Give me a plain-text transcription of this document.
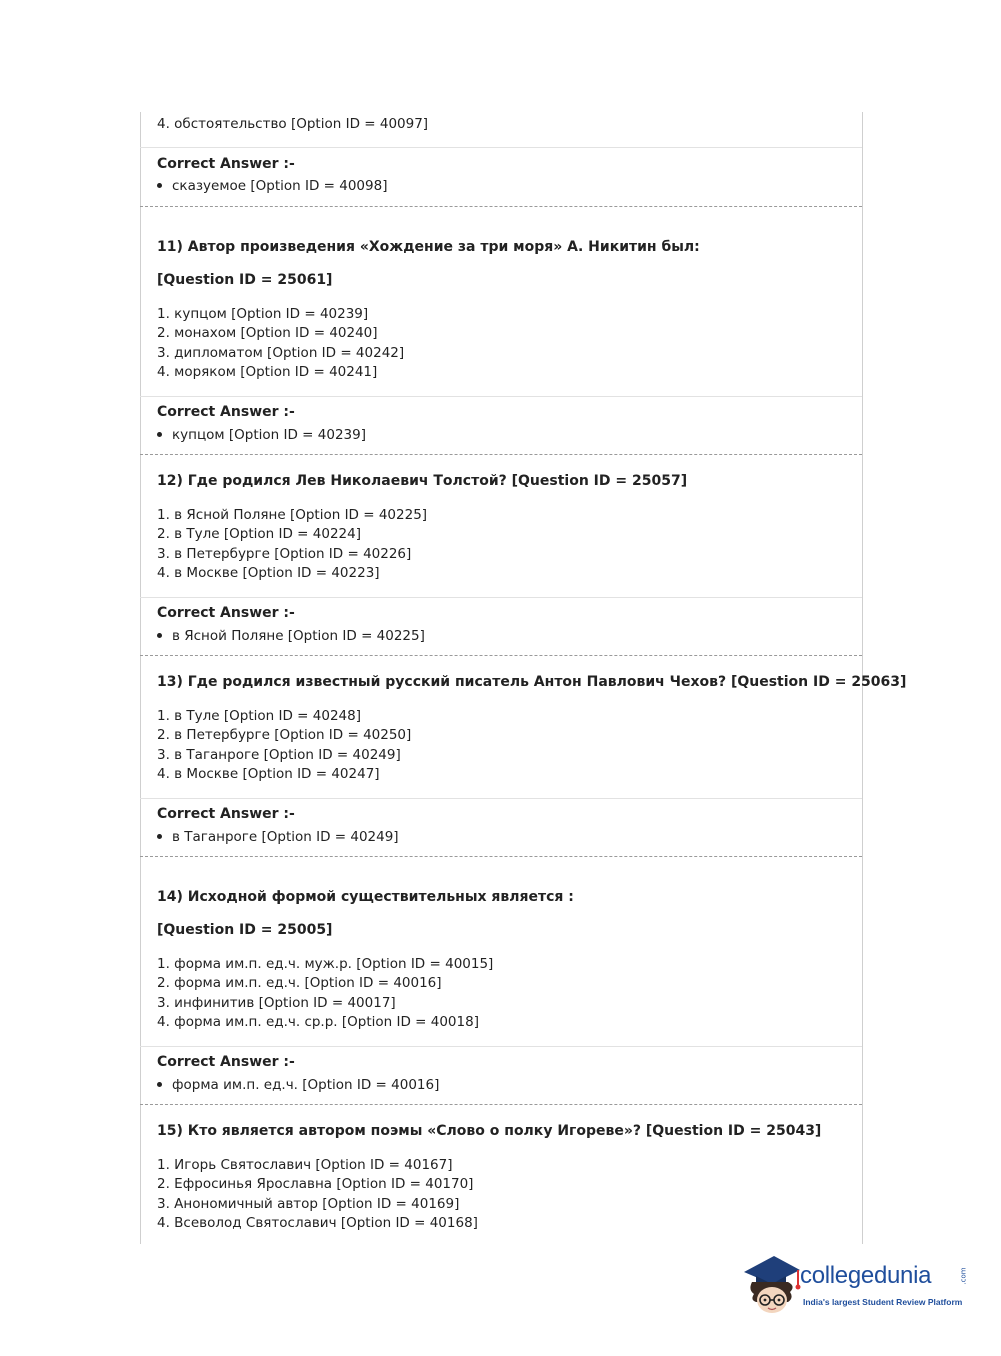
4. обстоятельство [Option ID = 40097]
Correct Answer :-
сказуемое [Option ID = 40098]
11) Автор произведения «Хождение за три моря» А. Никитин был:
[Question ID = 25061]
1. купцом [Option ID = 40239]
2. монахом [Option ID = 40240]
3. дипломатом [Option ID = 40242]
4. моряком [Option ID = 40241]
Correct Answer :-
купцом [Option ID = 40239]
12) Где родился Лев Николаевич Толстой? [Question ID = 25057]
1. в Ясной Поляне [Option ID = 40225]
2. в Туле [Option ID = 40224]
3. в Петербурге [Option ID = 40226]
4. в Москве [Option ID = 40223]
Correct Answer :-
в Ясной Поляне [Option ID = 40225]
13) Где родился известный русский писатель Антон Павлович Чехов? [Question ID = 25063]
1. в Туле [Option ID = 40248]
2. в Петербурге [Option ID = 40250]
3. в Таганроге [Option ID = 40249]
4. в Москве [Option ID = 40247]
Correct Answer :-
в Таганроге [Option ID = 40249]
14) Исходной формой существительных является :
[Question ID = 25005]
1. форма им.п. ед.ч. муж.р. [Option ID = 40015]
2. форма им.п. ед.ч. [Option ID = 40016]
3. инфинитив [Option ID = 40017]
4. форма им.п. ед.ч. ср.р. [Option ID = 40018]
Correct Answer :-
форма им.п. ед.ч. [Option ID = 40016]
15) Кто является автором поэмы «Слово о полку Игореве»? [Question ID = 25043]
1. Игорь Святославич [Option ID = 40167]
2. Ефросинья Ярославна [Option ID = 40170]
3. Анономичный автор [Option ID = 40169]
4. Всеволод Святославич [Option ID = 40168]
collegedunia	.com
India's largest Student Review Platform
